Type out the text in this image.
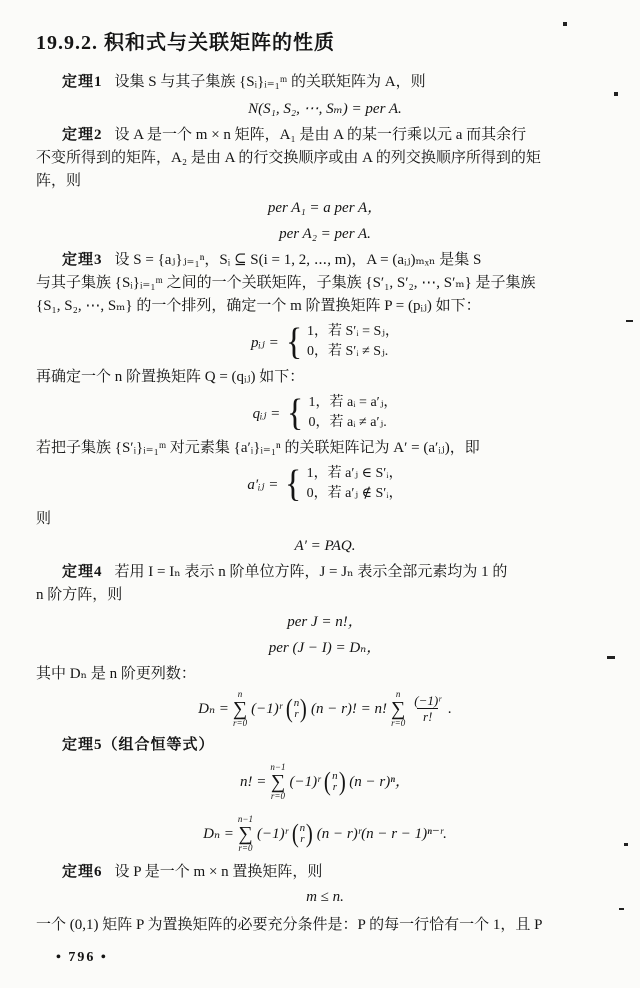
19.9.2. 积和式与关联矩阵的性质
定理1 设集 S 与其子集族 {Sᵢ}ᵢ₌₁ᵐ 的关联矩阵为 A，则
N(S₁, S₂, ⋯, Sₘ) = per A.
定理2 设 A 是一个 m × n 矩阵，A₁ 是由 A 的某一行乘以元 a 而其余行
不变所得到的矩阵，A₂ 是由 A 的行交换顺序或由 A 的列交换顺序所得到的矩
阵，则
per A₁ = a per A，
per A₂ = per A.
定理3 设 S = {aⱼ}ⱼ₌₁ⁿ，Sᵢ ⊆ S(i = 1, 2, ⋯, m)，A = (aᵢⱼ)ₘₓₙ 是集 S
与其子集族 {Sᵢ}ᵢ₌₁ᵐ 之间的一个关联矩阵，子集族 {S′₁, S′₂, ⋯, S′ₘ} 是子集族
{S₁, S₂, ⋯, Sₘ} 的一个排列，确定一个 m 阶置换矩阵 P = (pᵢⱼ) 如下：
pᵢⱼ = { 1，若 S′ᵢ = Sⱼ，
0，若 S′ᵢ ≠ Sⱼ.
再确定一个 n 阶置换矩阵 Q = (qᵢⱼ) 如下：
qᵢⱼ = { 1，若 aᵢ = a′ⱼ，
0，若 aᵢ ≠ a′ⱼ.
若把子集族 {S′ᵢ}ᵢ₌₁ᵐ 对元素集 {a′ᵢ}ᵢ₌₁ⁿ 的关联矩阵记为 A′ = (a′ᵢⱼ)，即
a′ᵢⱼ = { 1，若 a′ⱼ ∈ S′ᵢ，
0，若 a′ⱼ ∉ S′ᵢ，
则
A′ = PAQ.
定理4 若用 I = Iₙ 表示 n 阶单位方阵，J = Jₙ 表示全部元素均为 1 的
n 阶方阵，则
per J = n!，
per (J − I) = Dₙ，
其中 Dₙ 是 n 阶更列数：
Dₙ =
n
∑
r=0
(−1)ʳ ( n
r ) (n − r)! = n!
n
∑
$r=0 \frac{\text{(−1)ʳ}}{r!}$ .
定理5（组合恒等式）
n! =
n−1
∑
r=0
(−1)ʳ ( n
r ) (n − r)ⁿ，
Dₙ =
n−1
∑
r=0
(−1)ʳ ( n
r ) (n − r)ʳ(n − r − 1)ⁿ⁻ʳ.
定理6 设 P 是一个 m × n 置换矩阵，则
m ≤ n.
一个 (0,1) 矩阵 P 为置换矩阵的必要充分条件是：P 的每一行恰有一个 1，且 P
• 796 •
